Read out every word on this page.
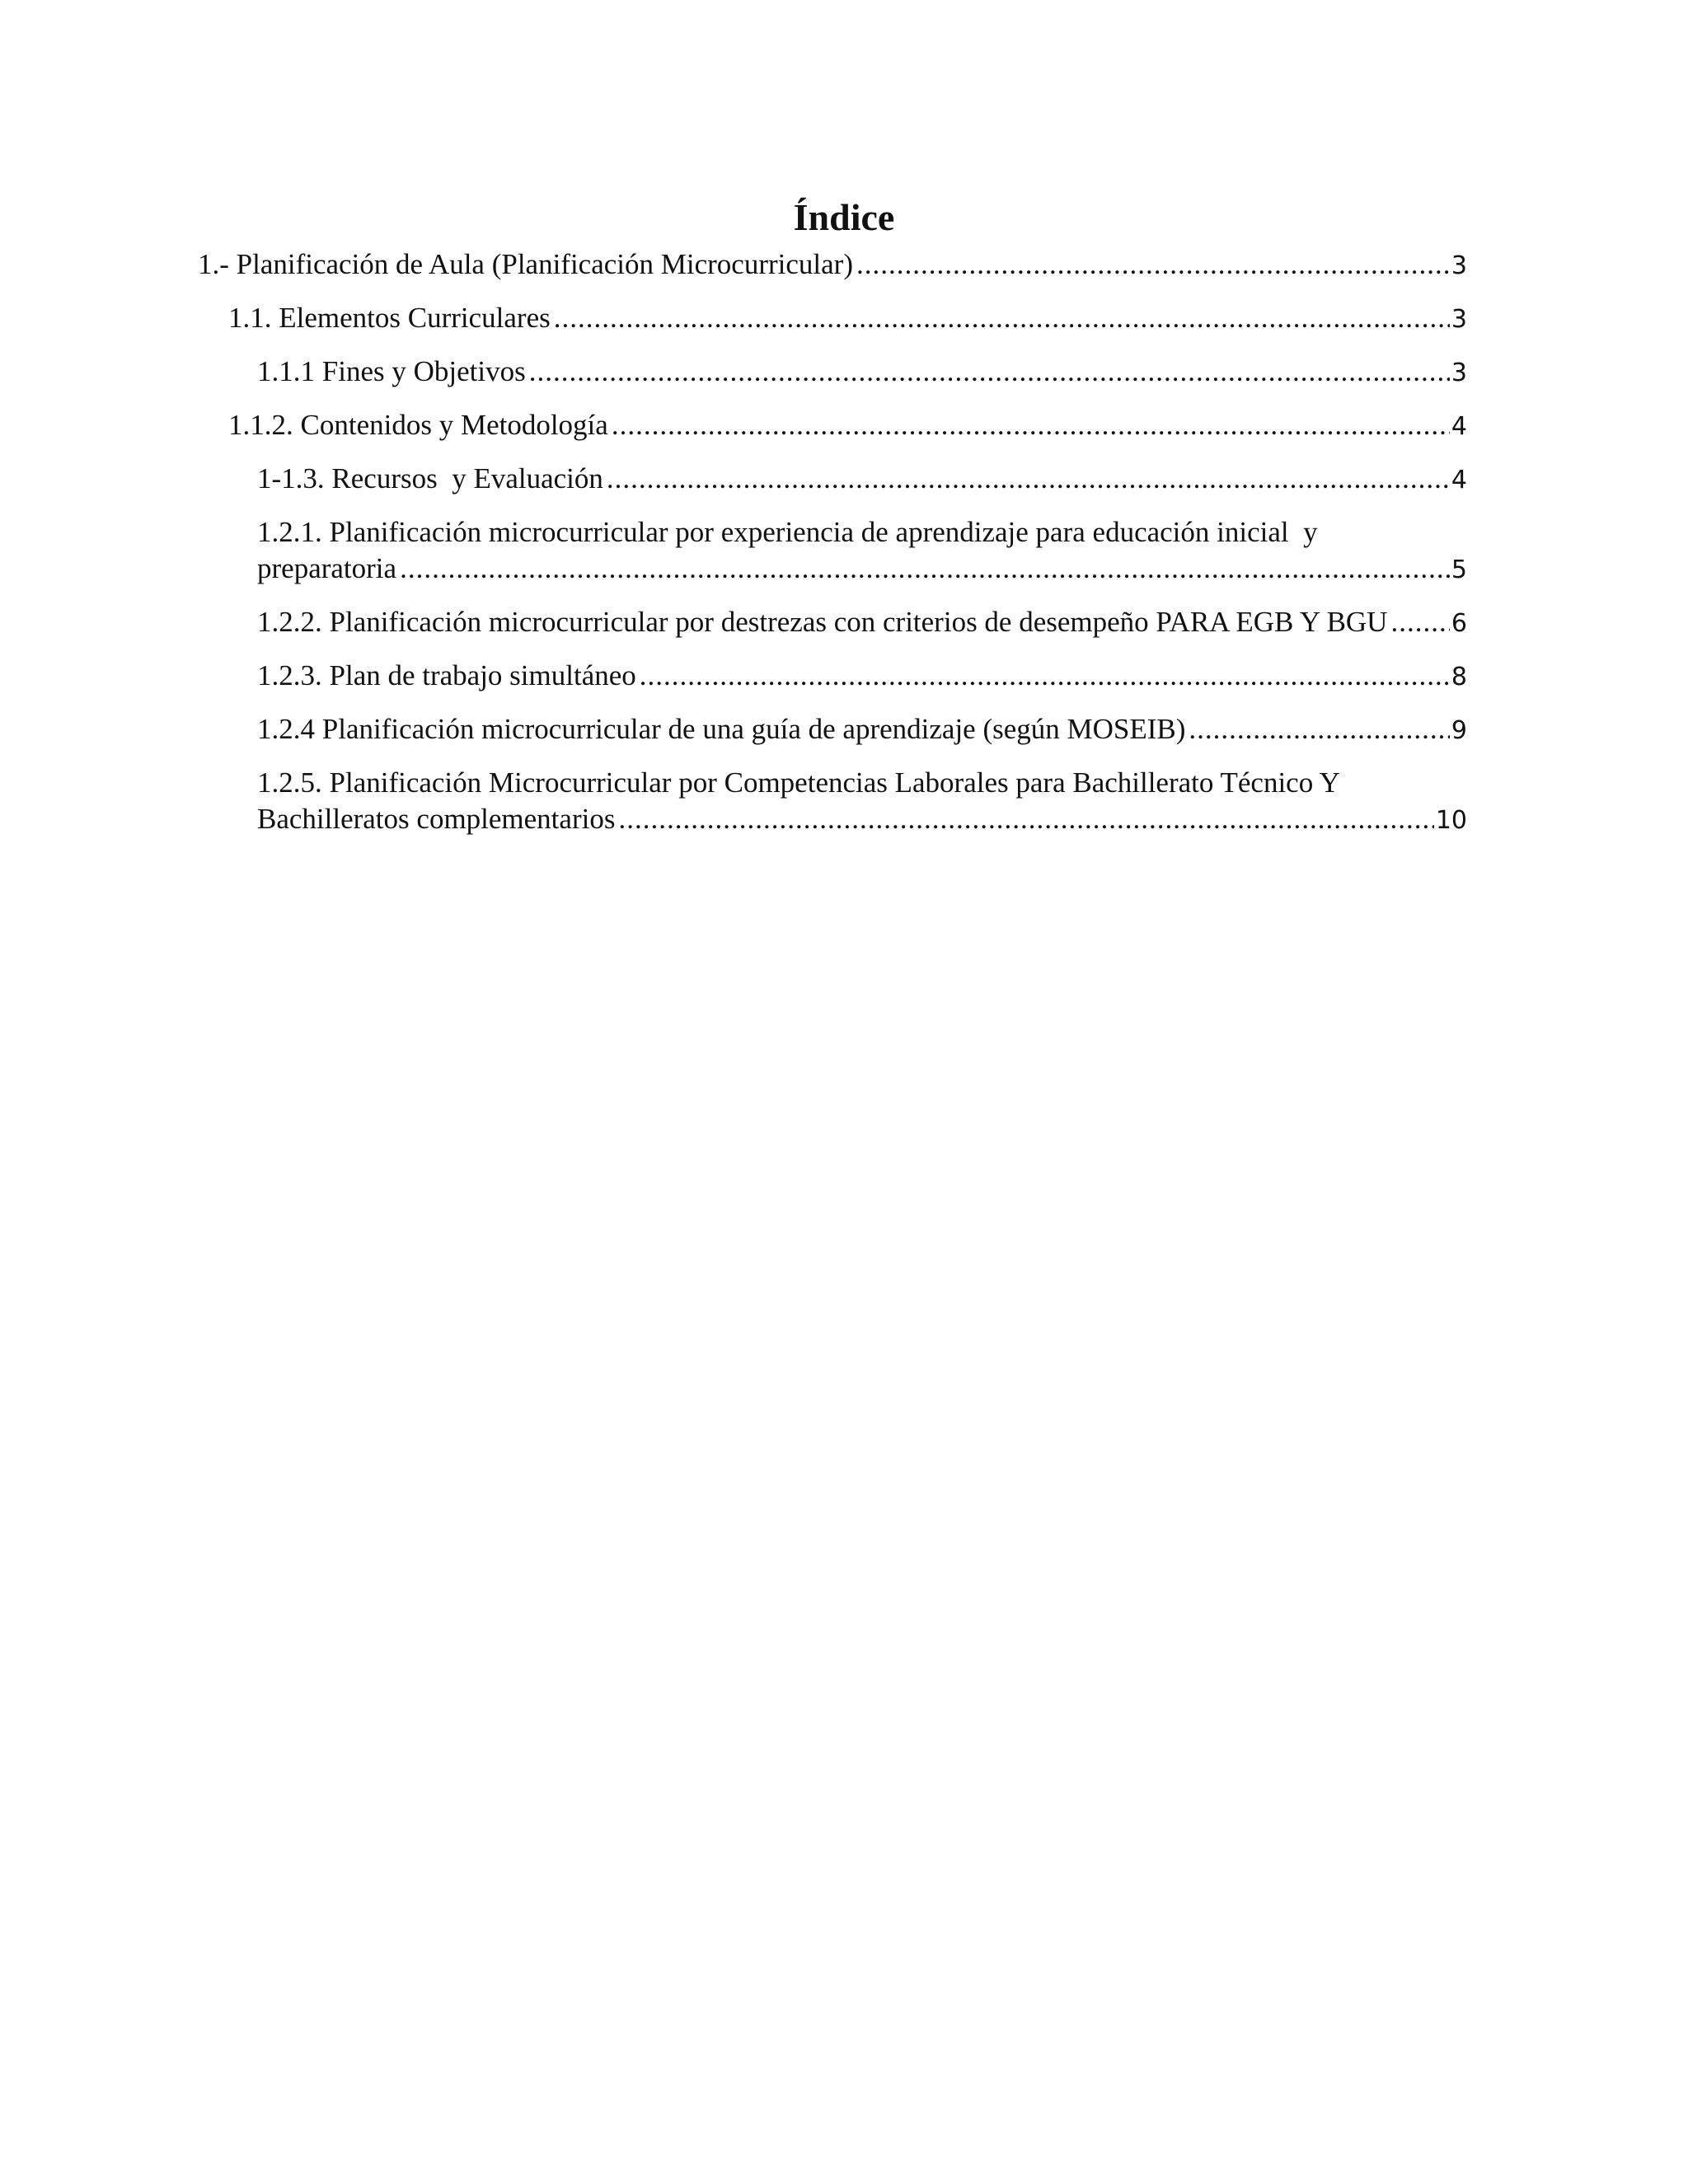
Índice
1.- Planificación de Aula (Planificación Microcurricular) .....	3
1.1. Elementos Curriculares .....	3
1.1.1 Fines y Objetivos .....	3
1.1.2. Contenidos y Metodología .....	4
1-1.3. Recursos  y Evaluación .....	4
1.2.1. Planificación microcurricular por experiencia de aprendizaje para educación inicial  y
preparatoria .....	5
1.2.2. Planificación microcurricular por destrezas con criterios de desempeño PARA EGB Y BGU .....	6
1.2.3. Plan de trabajo simultáneo .....	8
1.2.4 Planificación microcurricular de una guía de aprendizaje (según MOSEIB) .....	9
1.2.5. Planificación Microcurricular por Competencias Laborales para Bachillerato Técnico Y
Bachilleratos complementarios .....	10
